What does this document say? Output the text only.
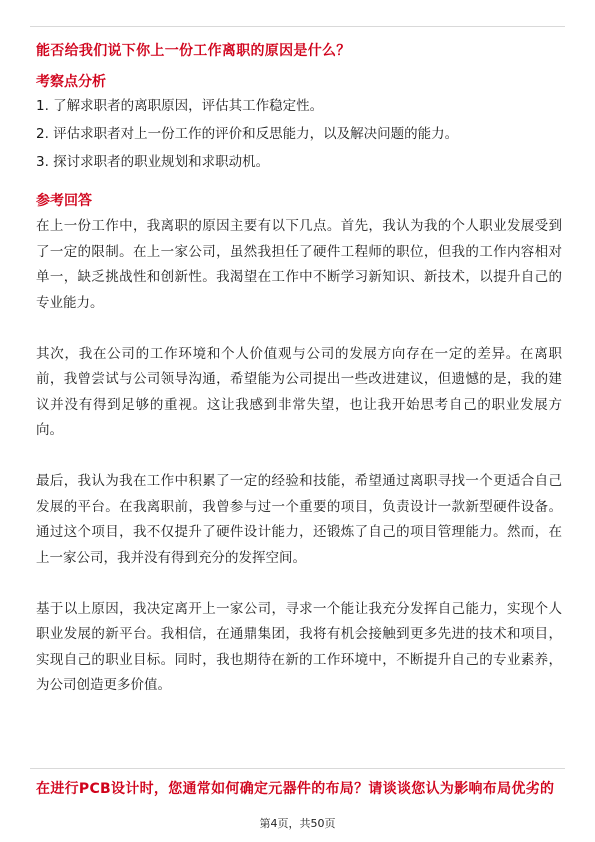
能否给我们说下你上一份工作离职的原因是什么？
考察点分析
1. 了解求职者的离职原因，评估其工作稳定性。
2. 评估求职者对上一份工作的评价和反思能力，以及解决问题的能力。
3. 探讨求职者的职业规划和求职动机。
参考回答

在上一份工作中，我离职的原因主要有以下几点。首先，我认为我的个人职业发展受到了一定的限制。在上一家公司，虽然我担任了硬件工程师的职位，但我的工作内容相对单一，缺乏挑战性和创新性。我渴望在工作中不断学习新知识、新技术，以提升自己的专业能力。

其次，我在公司的工作环境和个人价值观与公司的发展方向存在一定的差异。在离职前，我曾尝试与公司领导沟通，希望能为公司提出一些改进建议，但遗憾的是，我的建议并没有得到足够的重视。这让我感到非常失望，也让我开始思考自己的职业发展方向。

最后，我认为我在工作中积累了一定的经验和技能，希望通过离职寻找一个更适合自己发展的平台。在我离职前，我曾参与过一个重要的项目，负责设计一款新型硬件设备。通过这个项目，我不仅提升了硬件设计能力，还锻炼了自己的项目管理能力。然而，在上一家公司，我并没有得到充分的发挥空间。

基于以上原因，我决定离开上一家公司，寻求一个能让我充分发挥自己能力，实现个人职业发展的新平台。我相信，在通鼎集团，我将有机会接触到更多先进的技术和项目，实现自己的职业目标。同时，我也期待在新的工作环境中，不断提升自己的专业素养，为公司创造更多价值。

在进行PCB设计时，您通常如何确定元器件的布局？请谈谈您认为影响布局优劣的
第4页，共50页
